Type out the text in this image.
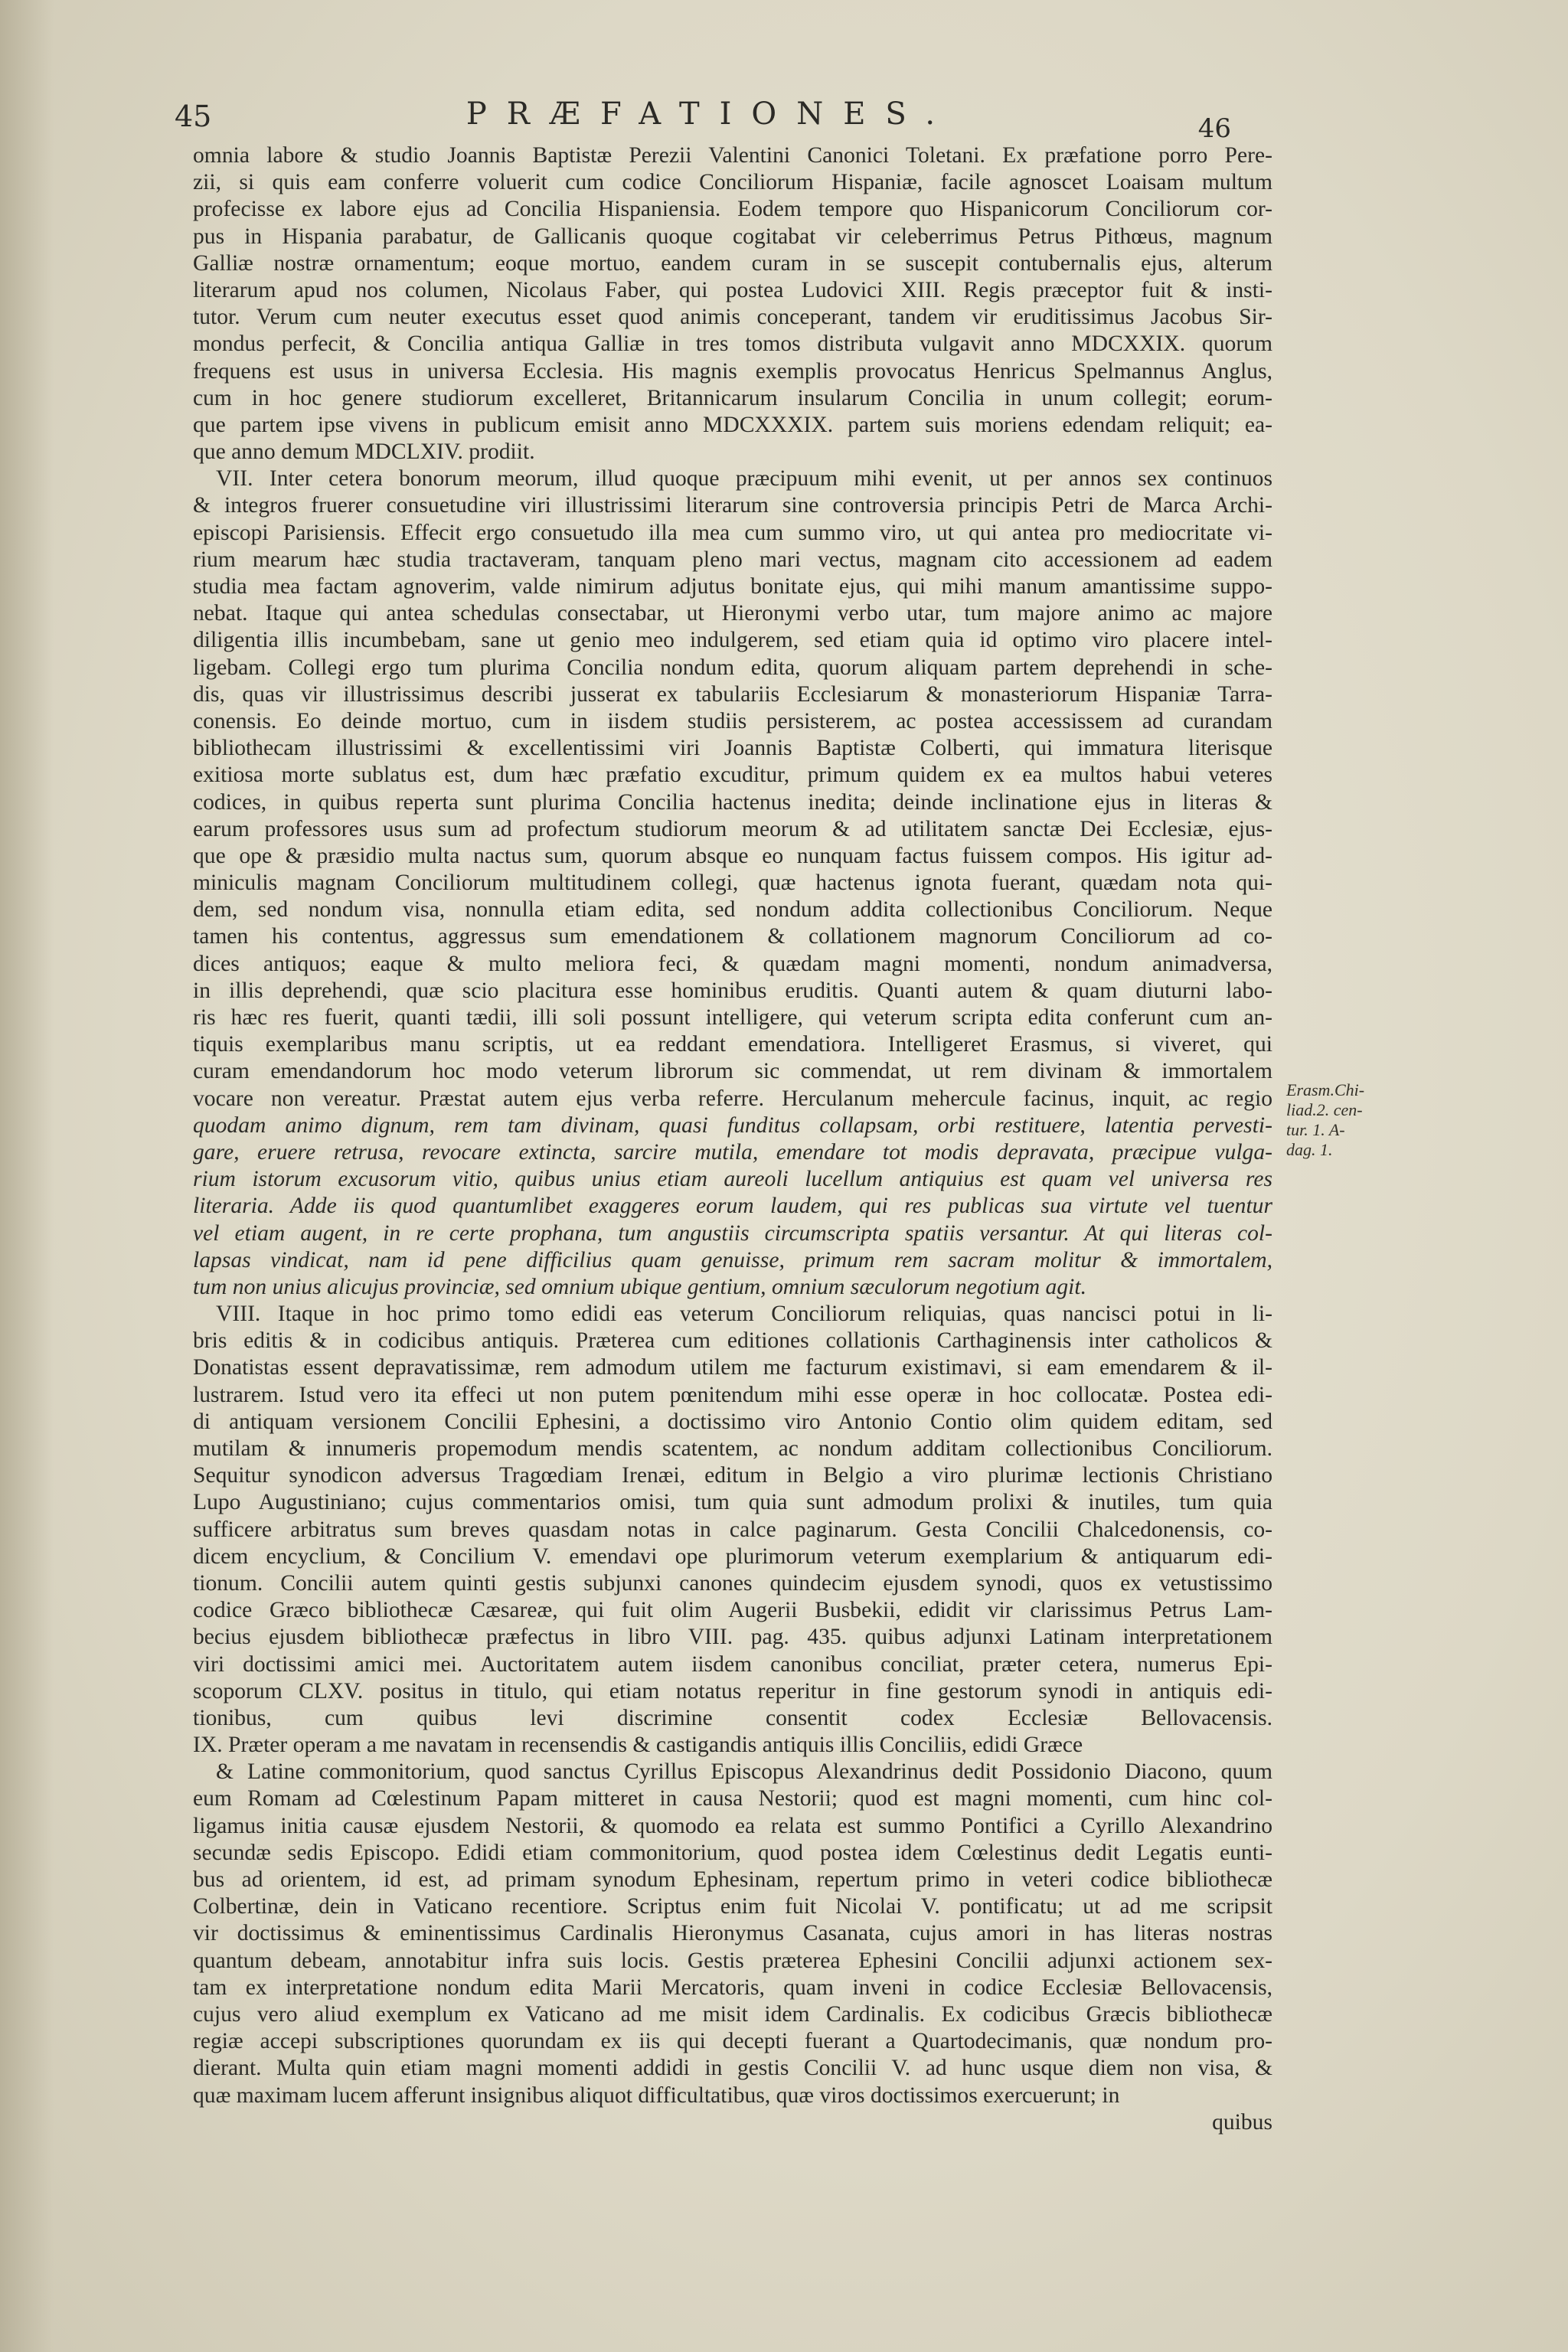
45	PRÆFATIONES.	46
omnia labore & studio Joannis Baptistæ Perezii Valentini Canonici Toletani. Ex præfatione porro Pere-
zii, si quis eam conferre voluerit cum codice Conciliorum Hispaniæ, facile agnoscet Loaisam multum
profecisse ex labore ejus ad Concilia Hispaniensia. Eodem tempore quo Hispanicorum Conciliorum cor-
pus in Hispania parabatur, de Gallicanis quoque cogitabat vir celeberrimus Petrus Pithœus, magnum
Galliæ nostræ ornamentum; eoque mortuo, eandem curam in se suscepit contubernalis ejus, alterum
literarum apud nos columen, Nicolaus Faber, qui postea Ludovici XIII. Regis præceptor fuit & insti-
tutor. Verum cum neuter executus esset quod animis conceperant, tandem vir eruditissimus Jacobus Sir-
mondus perfecit, & Concilia antiqua Galliæ in tres tomos distributa vulgavit anno MDCXXIX. quorum
frequens est usus in universa Ecclesia. His magnis exemplis provocatus Henricus Spelmannus Anglus,
cum in hoc genere studiorum excelleret, Britannicarum insularum Concilia in unum collegit; eorum-
que partem ipse vivens in publicum emisit anno MDCXXXIX. partem suis moriens edendam reliquit; ea-
que anno demum MDCLXIV. prodiit.
VII. Inter cetera bonorum meorum, illud quoque præcipuum mihi evenit, ut per annos sex continuos
& integros fruerer consuetudine viri illustrissimi literarum sine controversia principis Petri de Marca Archi-
episcopi Parisiensis. Effecit ergo consuetudo illa mea cum summo viro, ut qui antea pro mediocritate vi-
rium mearum hæc studia tractaveram, tanquam pleno mari vectus, magnam cito accessionem ad eadem
studia mea factam agnoverim, valde nimirum adjutus bonitate ejus, qui mihi manum amantissime suppo-
nebat. Itaque qui antea schedulas consectabar, ut Hieronymi verbo utar, tum majore animo ac majore
diligentia illis incumbebam, sane ut genio meo indulgerem, sed etiam quia id optimo viro placere intel-
ligebam. Collegi ergo tum plurima Concilia nondum edita, quorum aliquam partem deprehendi in sche-
dis, quas vir illustrissimus describi jusserat ex tabulariis Ecclesiarum & monasteriorum Hispaniæ Tarra-
conensis. Eo deinde mortuo, cum in iisdem studiis persisterem, ac postea accessissem ad curandam
bibliothecam illustrissimi & excellentissimi viri Joannis Baptistæ Colberti, qui immatura literisque
exitiosa morte sublatus est, dum hæc præfatio excuditur, primum quidem ex ea multos habui veteres
codices, in quibus reperta sunt plurima Concilia hactenus inedita; deinde inclinatione ejus in literas &
earum professores usus sum ad profectum studiorum meorum & ad utilitatem sanctæ Dei Ecclesiæ, ejus-
que ope & præsidio multa nactus sum, quorum absque eo nunquam factus fuissem compos. His igitur ad-
miniculis magnam Conciliorum multitudinem collegi, quæ hactenus ignota fuerant, quædam nota qui-
dem, sed nondum visa, nonnulla etiam edita, sed nondum addita collectionibus Conciliorum. Neque
tamen his contentus, aggressus sum emendationem & collationem magnorum Conciliorum ad co-
dices antiquos; eaque & multo meliora feci, & quædam magni momenti, nondum animadversa,
in illis deprehendi, quæ scio placitura esse hominibus eruditis. Quanti autem & quam diuturni labo-
ris hæc res fuerit, quanti tædii, illi soli possunt intelligere, qui veterum scripta edita conferunt cum an-
tiquis exemplaribus manu scriptis, ut ea reddant emendatiora. Intelligeret Erasmus, si viveret, qui
curam emendandorum hoc modo veterum librorum sic commendat, ut rem divinam & immortalem
vocare non vereatur. Præstat autem ejus verba referre. Herculanum mehercule facinus, inquit, ac regio
quodam animo dignum, rem tam divinam, quasi funditus collapsam, orbi restituere, latentia pervesti-
gare, eruere retrusa, revocare extincta, sarcire mutila, emendare tot modis depravata, præcipue vulga-
rium istorum excusorum vitio, quibus unius etiam aureoli lucellum antiquius est quam vel universa res
literaria. Adde iis quod quantumlibet exaggeres eorum laudem, qui res publicas sua virtute vel tuentur
vel etiam augent, in re certe prophana, tum angustiis circumscripta spatiis versantur. At qui literas col-
lapsas vindicat, nam id pene difficilius quam genuisse, primum rem sacram molitur & immortalem,
tum non unius alicujus provinciæ, sed omnium ubique gentium, omnium sæculorum negotium agit.
VIII. Itaque in hoc primo tomo edidi eas veterum Conciliorum reliquias, quas nancisci potui in li-
bris editis & in codicibus antiquis. Præterea cum editiones collationis Carthaginensis inter catholicos &
Donatistas essent depravatissimæ, rem admodum utilem me facturum existimavi, si eam emendarem & il-
lustrarem. Istud vero ita effeci ut non putem pœnitendum mihi esse operæ in hoc collocatæ. Postea edi-
di antiquam versionem Concilii Ephesini, a doctissimo viro Antonio Contio olim quidem editam, sed
mutilam & innumeris propemodum mendis scatentem, ac nondum additam collectionibus Conciliorum.
Sequitur synodicon adversus Tragœdiam Irenæi, editum in Belgio a viro plurimæ lectionis Christiano
Lupo Augustiniano; cujus commentarios omisi, tum quia sunt admodum prolixi & inutiles, tum quia
sufficere arbitratus sum breves quasdam notas in calce paginarum. Gesta Concilii Chalcedonensis, co-
dicem encyclium, & Concilium V. emendavi ope plurimorum veterum exemplarium & antiquarum edi-
tionum. Concilii autem quinti gestis subjunxi canones quindecim ejusdem synodi, quos ex vetustissimo
codice Græco bibliothecæ Cæsareæ, qui fuit olim Augerii Busbekii, edidit vir clarissimus Petrus Lam-
becius ejusdem bibliothecæ præfectus in libro VIII. pag. 435. quibus adjunxi Latinam interpretationem
viri doctissimi amici mei. Auctoritatem autem iisdem canonibus conciliat, præter cetera, numerus Epi-
scoporum CLXV. positus in titulo, qui etiam notatus reperitur in fine gestorum synodi in antiquis edi-
tionibus, cum quibus levi discrimine consentit codex Ecclesiæ Bellovacensis.
IX. Præter operam a me navatam in recensendis & castigandis antiquis illis Conciliis, edidi Græce
& Latine commonitorium, quod sanctus Cyrillus Episcopus Alexandrinus dedit Possidonio Diacono, quum
eum Romam ad Cœlestinum Papam mitteret in causa Nestorii; quod est magni momenti, cum hinc col-
ligamus initia causæ ejusdem Nestorii, & quomodo ea relata est summo Pontifici a Cyrillo Alexandrino
secundæ sedis Episcopo. Edidi etiam commonitorium, quod postea idem Cœlestinus dedit Legatis eunti-
bus ad orientem, id est, ad primam synodum Ephesinam, repertum primo in veteri codice bibliothecæ
Colbertinæ, dein in Vaticano recentiore. Scriptus enim fuit Nicolai V. pontificatu; ut ad me scripsit
vir doctissimus & eminentissimus Cardinalis Hieronymus Casanata, cujus amori in has literas nostras
quantum debeam, annotabitur infra suis locis. Gestis præterea Ephesini Concilii adjunxi actionem sex-
tam ex interpretatione nondum edita Marii Mercatoris, quam inveni in codice Ecclesiæ Bellovacensis,
cujus vero aliud exemplum ex Vaticano ad me misit idem Cardinalis. Ex codicibus Græcis bibliothecæ
regiæ accepi subscriptiones quorundam ex iis qui decepti fuerant a Quartodecimanis, quæ nondum pro-
dierant. Multa quin etiam magni momenti addidi in gestis Concilii V. ad hunc usque diem non visa, &
quæ maximam lucem afferunt insignibus aliquot difficultatibus, quæ viros doctissimos exercuerunt; in
quibus
Erasm.Chi-
liad.2. cen-
tur. 1. A-
dag. 1.
